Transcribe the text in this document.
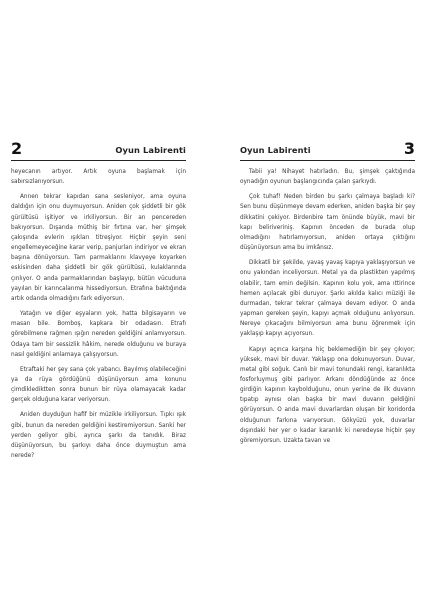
2	Oyun Labirenti

heyecanın artıyor. Artık oyuna başlamak için sabırsızlanıyorsun.

Annen tekrar kapıdan sana sesleniyor, ama oyuna daldığın için onu duymuyorsun. Aniden çok şiddetli bir gök gürültüsü işitiyor ve irkiliyorsun. Bir an pencereden bakıyorsun. Dışarıda müthiş bir fırtına var, her şimşek çakışında evlerin ışıkları titreşiyor. Hiçbir şeyin seni engellemeyeceğine karar verip, panjurları indiriyor ve ekran başına dönüyorsun. Tam parmaklarını klavyeye koyarken eskisinden daha şiddetli bir gök gürültüsü, kulaklarında çınlıyor. O anda parmaklarından başlayıp, bütün vücuduna yayılan bir karıncalanma hissediyorsun. Etrafına baktığında artık odanda olmadığını fark ediyorsun.

Yatağın ve diğer eşyaların yok, hatta bilgisayarın ve masan bile. Bomboş, kapkara bir odadasın. Etrafı görebilmene rağmen ışığın nereden geldiğini anlamıyorsun. Odaya tam bir sessizlik hâkim, nerede olduğunu ve buraya nasıl geldiğini anlamaya çalışıyorsun.

Etraftaki her şey sana çok yabancı. Bayılmış olabileceğini ya da rüya gördüğünü düşünüyorsun ama konunu çimdiklediktten sonra bunun bir rüya olamayacak kadar gerçek olduğuna karar veriyorsun.

Aniden duyduğun hafif bir müzikle irkiliyorsun. Tıpkı ışık gibi, bunun da nereden geldiğini kestiremiyorsun. Sanki her yerden geliyor gibi, ayrıca şarkı da tanıdık. Biraz düşünüyorsun, bu şarkıyı daha önce duymuştun ama nerede?

Oyun Labirenti	3

Tabii ya! Nihayet hatırladın. Bu, şimşek çaktığında oynadığın oyunun başlangıcında çalan şarkıydı.

Çok tuhaf! Neden birden bu şarkı çalmaya başladı ki? Sen bunu düşünmeye devam ederken, aniden başka bir şey dikkatini çekiyor. Birdenbire tam önünde büyük, mavi bir kapı beliriveriniş. Kapının önceden de burada olup olmadığını hatırlamıyorsun, aniden ortaya çıktığını düşünüyorsun ama bu imkânsız.

Dikkatli bir şekilde, yavaş yavaş kapıya yaklaşıyorsun ve onu yakından inceliyorsun. Metal ya da plastikten yapılmış olabilir, tam emin değilsin. Kapının kolu yok, ama ıttirince hemen açılacak gibi duruyor. Şarkı akılda kalıcı müziği ile durmadan, tekrar tekrar çalmaya devam ediyor. O anda yapman gereken şeyin, kapıyı açmak olduğunu anlıyorsun. Nereye çıkacağını bilmiyorsun ama bunu öğrenmek için yaklaşıp kapıyı açıyorsun.

Kapıyı açınca karşına hiç beklemediğin bir şey çıkıyor; yüksek, mavi bir duvar. Yaklaşıp ona dokunuyorsun. Duvar, metal gibi soğuk. Canlı bir mavi tonundaki rengi, karanlıkta fosforluymuş gibi parlıyor. Arkanı döndüğünde az önce girdiğin kapının kaybolduğunu, onun yerine de ilk duvarın tıpatıp aynısı olan başka bir mavi duvarın geldiğini görüyorsun. O anda mavi duvarlardan oluşan bir koridorda olduğunun farkına varıyorsun. Gökyüzü yok, duvarlar dışındaki her yer o kadar karanlık ki neredeyse hiçbir şey göremiyorsun. Uzakta tavan ve
